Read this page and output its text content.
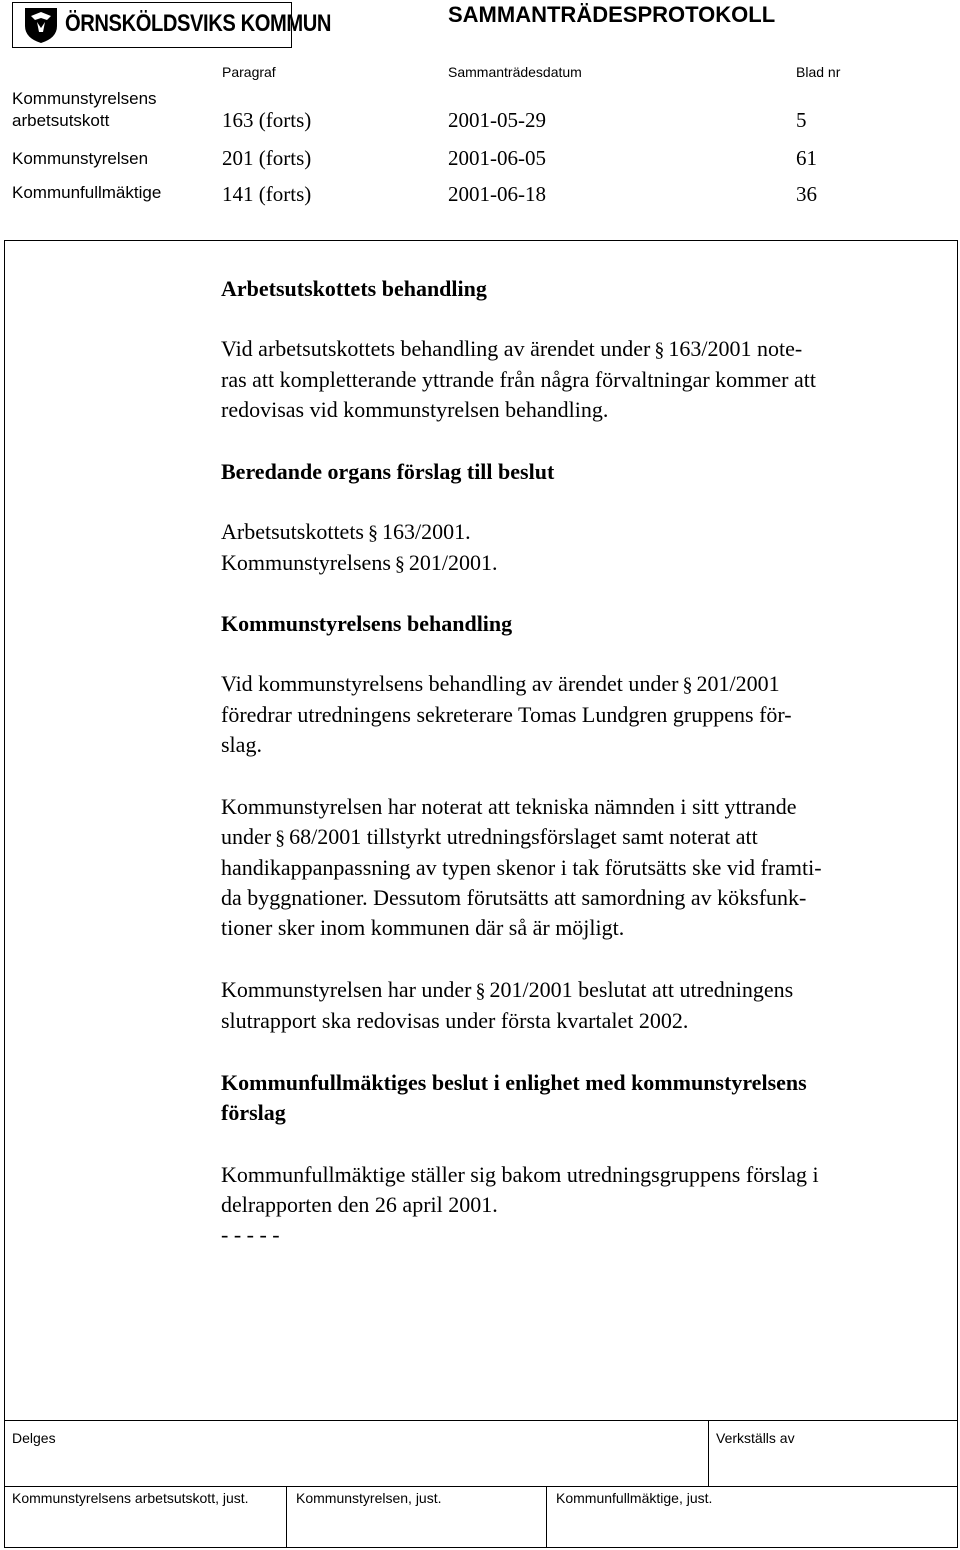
ÖRNSKÖLDSVIKS KOMMUN	SAMMANTRÄDESPROTOKOLL
Paragraf	Sammanträdesdatum	Blad nr
Kommunstyrelsens
arbetsutskott	163 (forts)	2001-05-29	5
Kommunstyrelsen	201 (forts)	2001-06-05	61
Kommunfullmäktige	141 (forts)	2001-06-18	36
Arbetsutskottets behandling

Vid arbetsutskottets behandling av ärendet under § 163/2001 note-
ras att kompletterande yttrande från några förvaltningar kommer att
redovisas vid kommunstyrelsen behandling.

Beredande organs förslag till beslut

Arbetsutskottets § 163/2001.
Kommunstyrelsens § 201/2001.

Kommunstyrelsens behandling

Vid kommunstyrelsens behandling av ärendet under § 201/2001
föredrar utredningens sekreterare Tomas Lundgren gruppens för-
slag.

Kommunstyrelsen har noterat att tekniska nämnden i sitt yttrande
under § 68/2001 tillstyrkt utredningsförslaget samt noterat att
handikappanpassning av typen skenor i tak förutsätts ske vid framti-
da byggnationer. Dessutom förutsätts att samordning av köksfunk-
tioner sker inom kommunen där så är möjligt.

Kommunstyrelsen har under § 201/2001 beslutat att utredningens
slutrapport ska redovisas under första kvartalet 2002.

Kommunfullmäktiges beslut i enlighet med kommunstyrelsens
förslag

Kommunfullmäktige ställer sig bakom utredningsgruppens förslag i
delrapporten den 26 april 2001.
- - - - -

Delges	Verkställs av
Kommunstyrelsens arbetsutskott, just.	Kommunstyrelsen, just.	Kommunfullmäktige, just.
